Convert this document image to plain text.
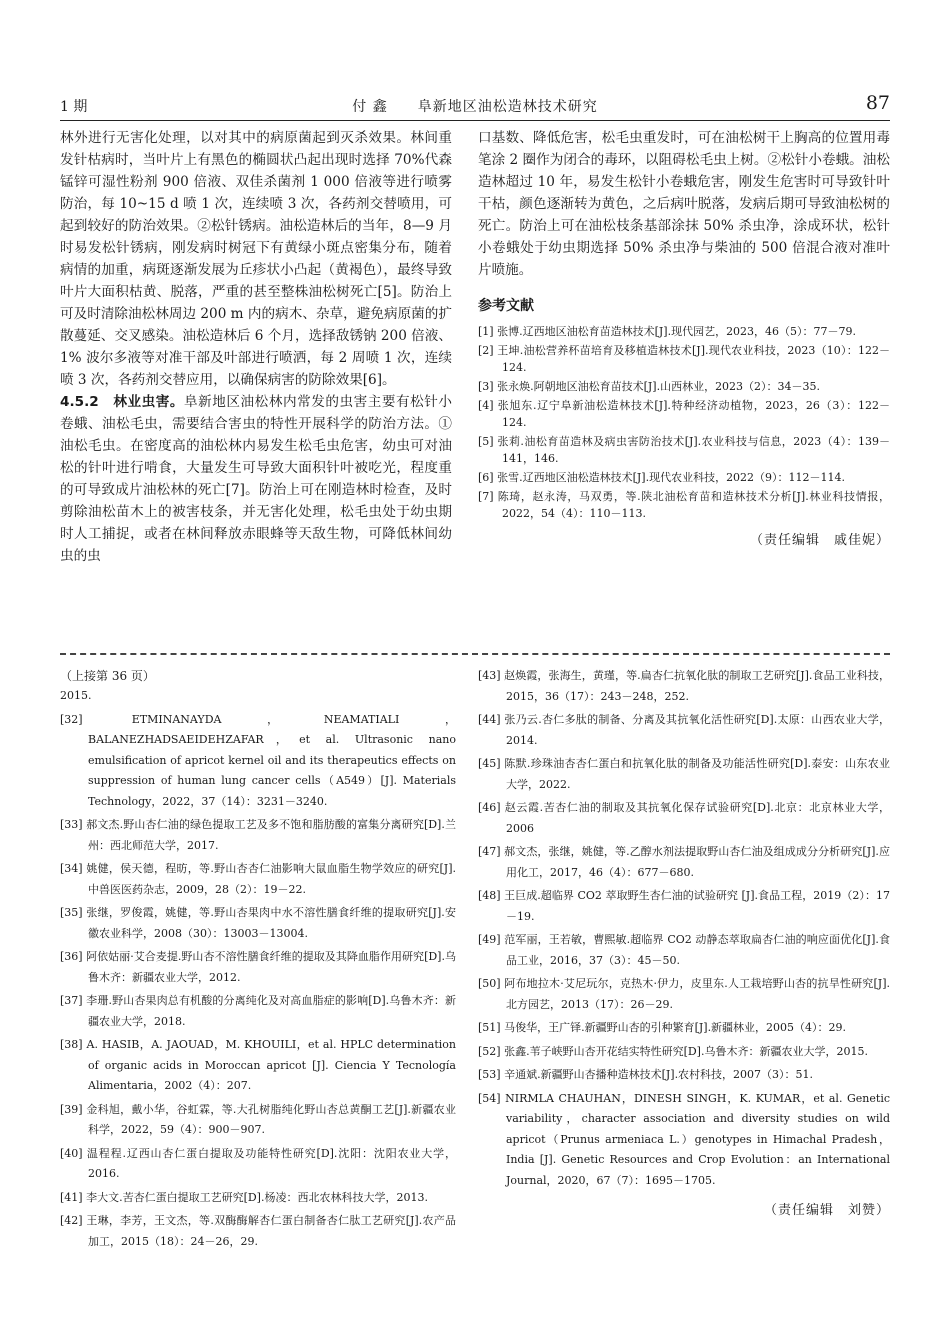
1 期	付 鑫　　阜新地区油松造林技术研究	87

林外进行无害化处理，以对其中的病原菌起到灭杀效果。林间重发针枯病时，当叶片上有黑色的椭圆状凸起出现时选择 70%代森锰锌可湿性粉剂 900 倍液、双佳杀菌剂 1 000 倍液等进行喷雾防治，每 10~15 d 喷 1 次，连续喷 3 次，各药剂交替喷用，可起到较好的防治效果。②松针锈病。油松造林后的当年，8—9 月时易发松针锈病，刚发病时树冠下有黄绿小斑点密集分布，随着病情的加重，病斑逐渐发展为丘疹状小凸起（黄褐色），最终导致叶片大面积枯黄、脱落，严重的甚至整株油松树死亡[5]。防治上可及时清除油松林周边 200 m 内的病木、杂草，避免病原菌的扩散蔓延、交叉感染。油松造林后 6 个月，选择敌锈钠 200 倍液、1% 波尔多液等对准干部及叶部进行喷洒，每 2 周喷 1 次，连续喷 3 次，各药剂交替应用，以确保病害的防除效果[6]。

4.5.2　林业虫害。阜新地区油松林内常发的虫害主要有松针小卷蛾、油松毛虫，需要结合害虫的特性开展科学的防治方法。①油松毛虫。在密度高的油松林内易发生松毛虫危害，幼虫可对油松的针叶进行啃食，大量发生可导致大面积针叶被吃光，程度重的可导致成片油松林的死亡[7]。防治上可在刚造林时检查，及时剪除油松苗木上的被害枝条，并无害化处理，松毛虫处于幼虫期时人工捕捉，或者在林间释放赤眼蜂等天敌生物，可降低林间幼虫的虫

口基数、降低危害，松毛虫重发时，可在油松树干上胸高的位置用毒笔涂 2 圈作为闭合的毒环，以阻碍松毛虫上树。②松针小卷蛾。油松造林超过 10 年，易发生松针小卷蛾危害，刚发生危害时可导致针叶干枯，颜色逐渐转为黄色，之后病叶脱落，发病后期可导致油松树的死亡。防治上可在油松枝条基部涂抹 50% 杀虫净，涂成环状，松针小卷蛾处于幼虫期选择 50% 杀虫净与柴油的 500 倍混合液对准叶片喷施。

参考文献
[1] 张博.辽西地区油松育苗造林技术[J].现代园艺，2023，46（5）：77－79.
[2] 王坤.油松营养杯苗培育及移植造林技术[J].现代农业科技，2023（10）：122－124.
[3] 张永焕.阿朝地区油松育苗技术[J].山西林业，2023（2）：34－35.
[4] 张旭东.辽宁阜新油松造林技术[J].特种经济动植物，2023，26（3）：122－124.
[5] 张莉.油松育苗造林及病虫害防治技术[J].农业科技与信息，2023（4）：139－141，146.
[6] 张雪.辽西地区油松造林技术[J].现代农业科技，2022（9）：112－114.
[7] 陈琦，赵永涛，马双勇，等.陕北油松育苗和造林技术分析[J].林业科技情报，2022，54（4）：110－113.
（责任编辑　戚佳妮）

（上接第 36 页）

2015.
[32] ETMINANAYDA，NEAMATIALI，BALANEZHADSAEIDEHZAFAR，et al. Ultrasonic nano emulsification of apricot kernel oil and its therapeutics effects on suppression of human lung cancer cells（A549）[J]. Materials Technology，2022，37（14）：3231－3240.
[33] 郝文杰.野山杏仁油的绿色提取工艺及多不饱和脂肪酸的富集分离研究[D].兰州：西北师范大学，2017.
[34] 姚健，侯天德，程昉，等.野山杏杏仁油影响大鼠血脂生物学效应的研究[J].中兽医医药杂志，2009，28（2）：19－22.
[35] 张继，罗俊霞，姚健，等.野山杏果肉中水不溶性膳食纤维的提取研究[J].安徽农业科学，2008（30）：13003－13004.
[36] 阿依姑丽·艾合麦提.野山杏不溶性膳食纤维的提取及其降血脂作用研究[D].乌鲁木齐：新疆农业大学，2012.
[37] 李珊.野山杏果肉总有机酸的分离纯化及对高血脂症的影响[D].乌鲁木齐：新疆农业大学，2018.
[38] A. HASIB，A. JAOUAD，M. KHOUILI，et al. HPLC determination of organic acids in Moroccan apricot [J]. Ciencia Y Tecnología Alimentaria，2002（4）：207.
[39] 金科旭，戴小华，谷虹霖，等.大孔树脂纯化野山杏总黄酮工艺[J].新疆农业科学，2022，59（4）：900－907.
[40] 温程程.辽西山杏仁蛋白提取及功能特性研究[D].沈阳：沈阳农业大学，2016.
[41] 李大文.苦杏仁蛋白提取工艺研究[D].杨凌：西北农林科技大学，2013.
[42] 王琳，李芳，王文杰，等.双酶酶解杏仁蛋白制备杏仁肽工艺研究[J].农产品加工，2015（18）：24－26，29.
[43] 赵焕霞，张海生，黄瑾，等.扁杏仁抗氧化肽的制取工艺研究[J].食品工业科技，2015，36（17）：243－248，252.
[44] 张乃云.杏仁多肽的制备、分离及其抗氧化活性研究[D].太原：山西农业大学，2014.
[45] 陈默.珍珠油杏杏仁蛋白和抗氧化肽的制备及功能活性研究[D].泰安：山东农业大学，2022.
[46] 赵云霞.苦杏仁油的制取及其抗氧化保存试验研究[D].北京：北京林业大学，2006
[47] 郝文杰，张继，姚健，等.乙醇水剂法提取野山杏仁油及组成成分分析研究[J].应用化工，2017，46（4）：677－680.
[48] 王巨成.超临界 CO2 萃取野生杏仁油的试验研究 [J].食品工程，2019（2）：17－19.
[49] 范军丽，王若敏，曹熙敏.超临界 CO2 动静态萃取扁杏仁油的响应面优化[J].食品工业，2016，37（3）：45－50.
[50] 阿布地拉木·艾尼玩尔，克热木·伊力，皮里东.人工栽培野山杏的抗旱性研究[J].北方园艺，2013（17）：26－29.
[51] 马俊华，王广铎.新疆野山杏的引种繁育[J].新疆林业，2005（4）：29.
[52] 张鑫.苇子峡野山杏开花结实特性研究[D].乌鲁木齐：新疆农业大学，2015.
[53] 辛通斌.新疆野山杏播种造林技术[J].农村科技，2007（3）：51.
[54] NIRMLA CHAUHAN，DINESH SINGH，K. KUMAR，et al. Genetic variability，character association and diversity studies on wild apricot（Prunus armeniaca L.）genotypes in Himachal Pradesh，India [J]. Genetic Resources and Crop Evolution：an International Journal，2020，67（7）：1695－1705.
（责任编辑　刘赞）
